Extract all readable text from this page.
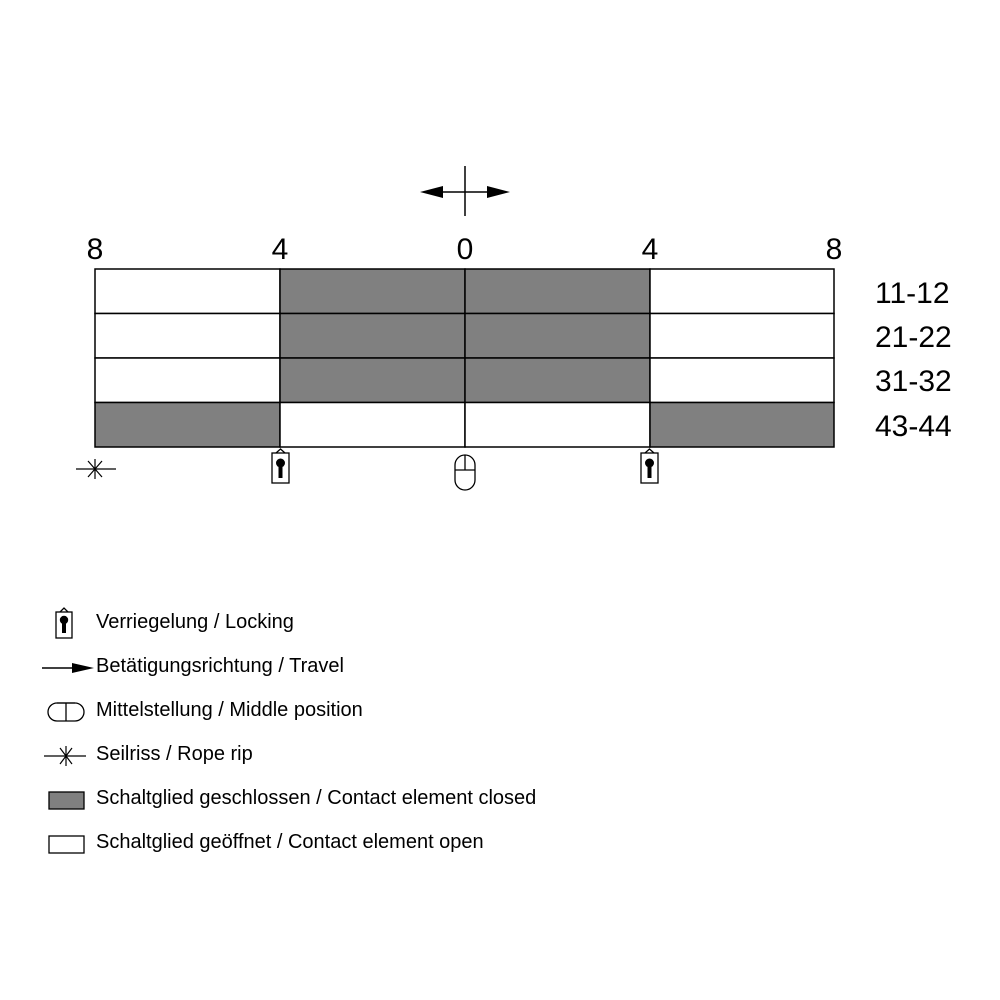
8	4	0	4	8
11-12
21-22
31-32
43-44
Verriegelung / Locking
Betätigungsrichtung / Travel
Mittelstellung / Middle position
Seilriss / Rope rip
Schaltglied geschlossen / Contact element closed
Schaltglied geöffnet / Contact element open
